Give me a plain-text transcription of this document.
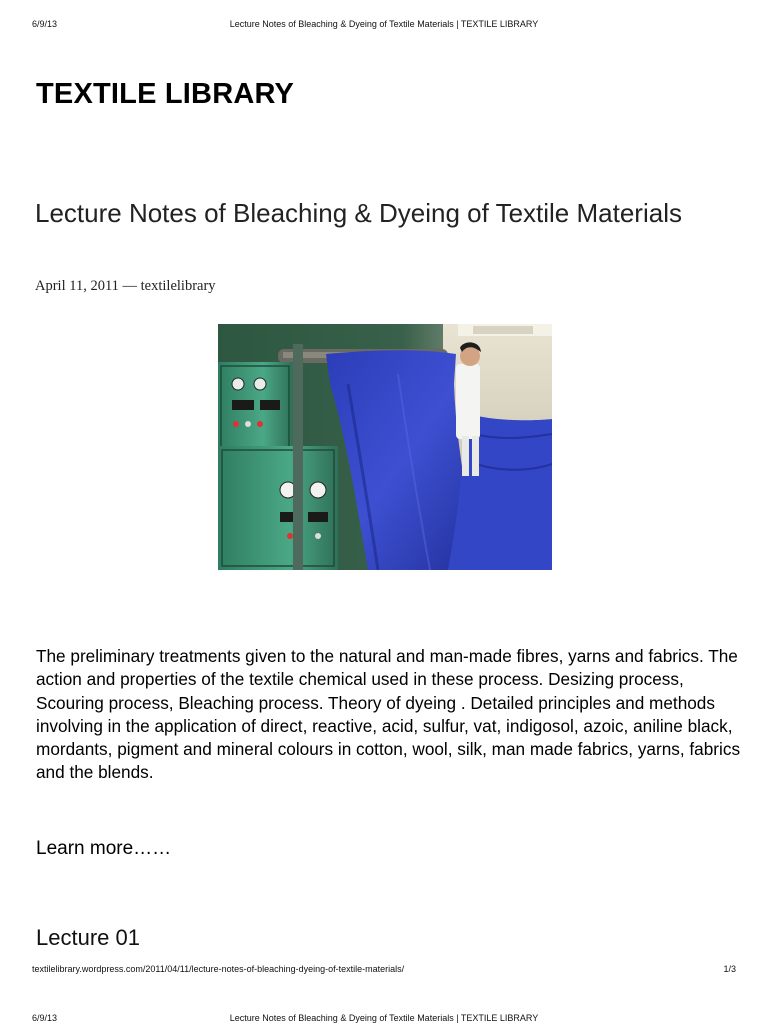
6/9/13	Lecture Notes of Bleaching & Dyeing of Textile Materials | TEXTILE LIBRARY
TEXTILE LIBRARY
Lecture Notes of Bleaching & Dyeing of Textile Materials
April 11, 2011 — textilelibrary

The preliminary treatments given to the natural and man-made fibres, yarns and fabrics. The action and properties of the textile chemical used in these process. Desizing process, Scouring process, Bleaching process. Theory of dyeing . Detailed principles and methods involving in the application of direct, reactive, acid, sulfur, vat, indigosol, azoic, aniline black, mordants, pigment and mineral colours in cotton, wool, silk, man made fabrics, yarns, fabrics and the blends.

Learn more……
Lecture 01
textilelibrary.wordpress.com/2011/04/11/lecture-notes-of-bleaching-dyeing-of-textile-materials/	1/3
6/9/13	Lecture Notes of Bleaching & Dyeing of Textile Materials | TEXTILE LIBRARY
